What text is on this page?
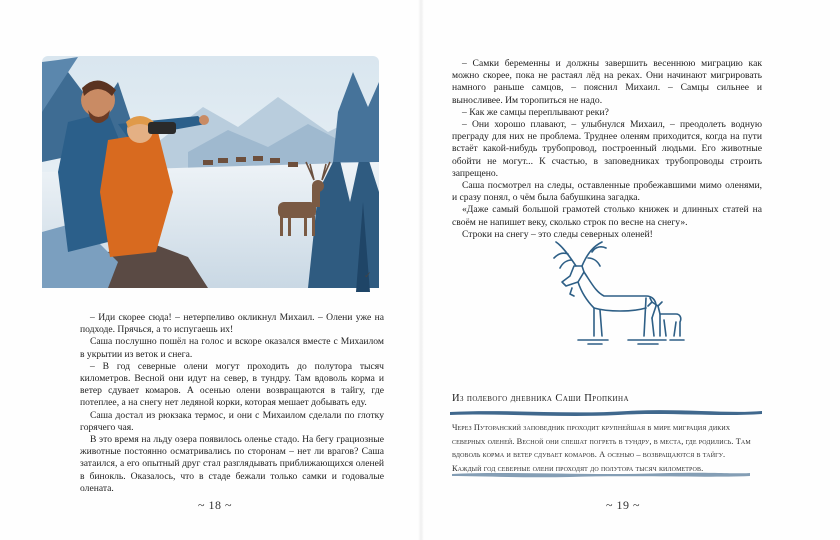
✓

– Иди скорее сюда! – нетерпеливо окликнул Михаил. – Олени уже на подходе. Прячься, а то испугаешь их!

Саша послушно пошёл на голос и вскоре оказался вместе с Михаилом в укрытии из веток и снега.

– В год северные олени могут проходить до полутора тысяч километров. Весной они идут на север, в тундру. Там вдоволь корма и ветер сдувает комаров. А осенью олени возвращаются в тайгу, где потеплее, а на снегу нет ледяной корки, которая мешает добывать еду.

Саша достал из рюкзака термос, и они с Михаилом сделали по глотку горячего чая.

В это время на льду озера появилось оленье стадо. На бегу грациозные животные постоянно осматривались по сторонам – нет ли врагов? Саша затаился, а его опытный друг стал разглядывать приближающихся оленей в бинокль. Оказалось, что в стаде бежали только самки и годовалые олената.

~ 18 ~

– Самки беременны и должны завершить весеннюю миграцию как можно скорее, пока не растаял лёд на реках. Они начинают мигрировать намного раньше самцов, – пояснил Михаил. – Самцы сильнее и выносливее. Им торопиться не надо.

– Как же самцы переплывают реки?

– Они хорошо плавают, – улыбнулся Михаил, – преодолеть водную преграду для них не проблема. Труднее оленям приходится, когда на пути встаёт какой-нибудь трубопровод, построенный людьми. Его животные обойти не могут... К счастью, в заповедниках трубопроводы строить запрещено.

Саша посмотрел на следы, оставленные пробежавшими мимо оленями, и сразу понял, о чём была бабушкина загадка.

«Даже самый большой грамотей столько книжек и длинных статей на своём не напишет веку, сколько строк по весне на снегу».

Строки на снегу – это следы северных оленей!

Из полевого дневника Саши Пропкина
Через Путоранский заповедник проходит крупнейшая в мире миграция диких северных оленей. Весной они спешат погреть в тундру, в места, где родились. Там вдоволь корма и ветер сдувает комаров. А осенью – возвращаются в тайгу. Каждый год северные олени проходят до полутора тысяч километров.
~ 19 ~
